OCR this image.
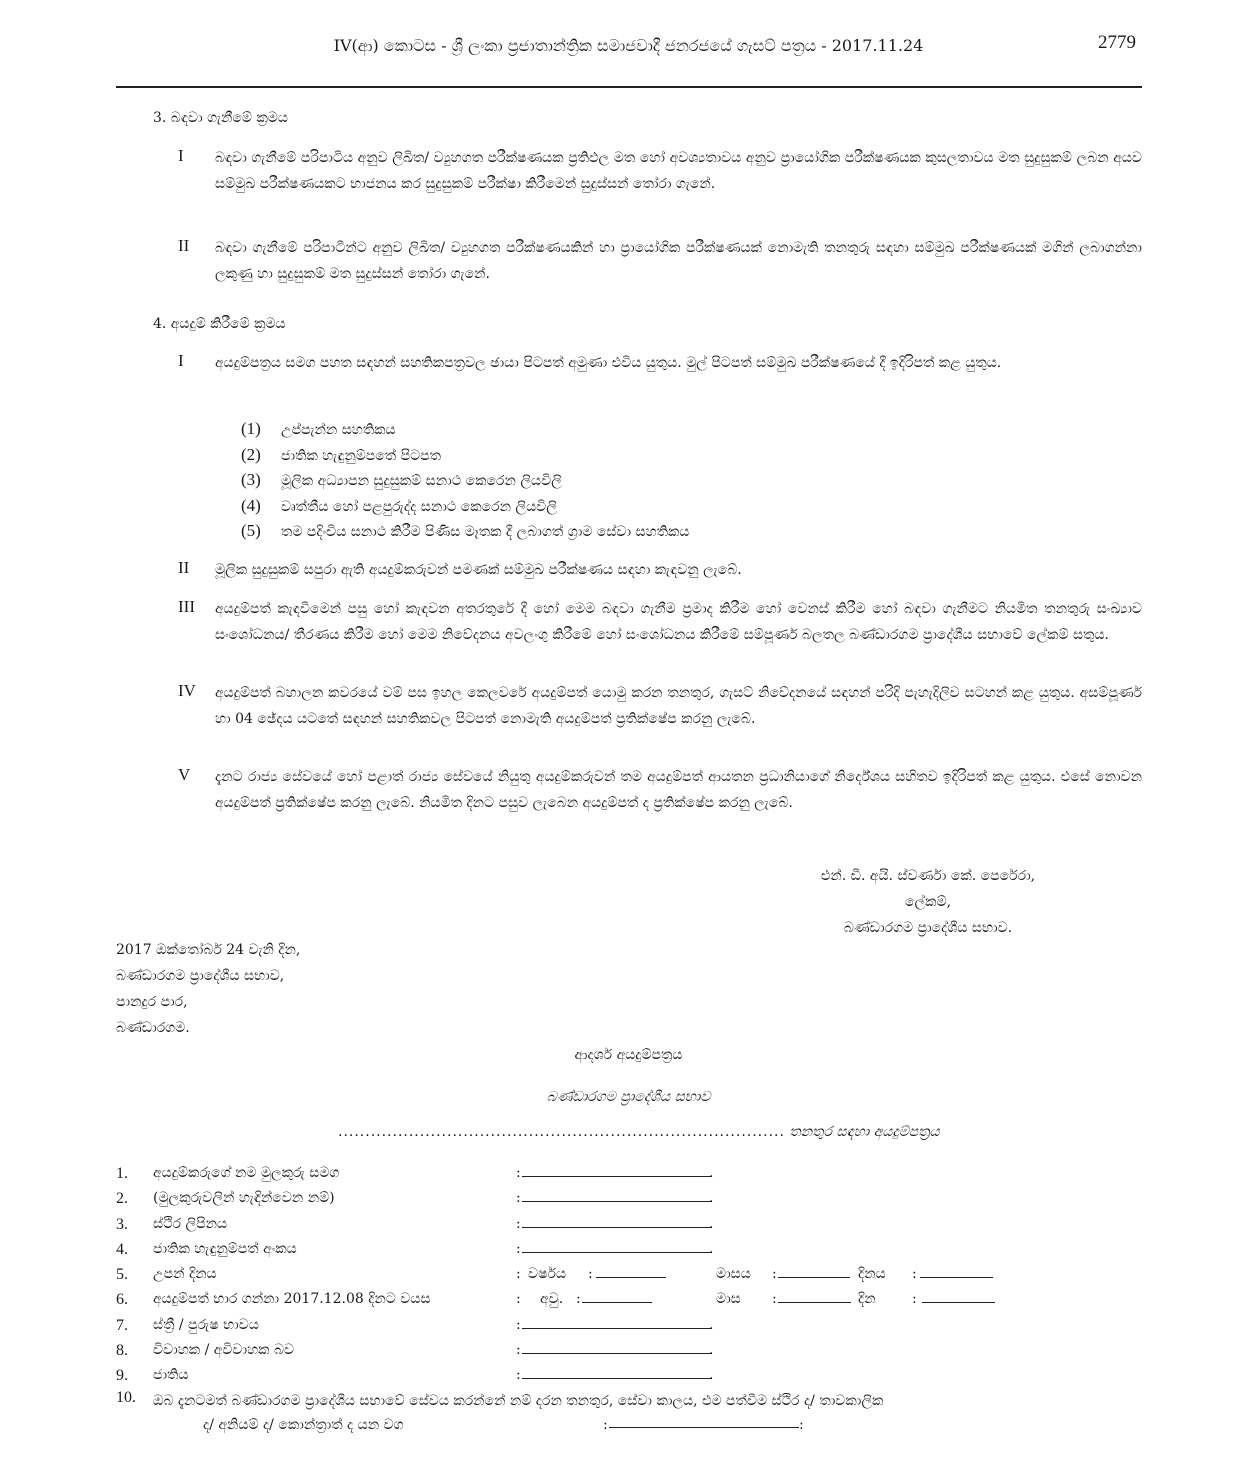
2779
IV(ආ) කොටස - ශ්‍රී ලංකා ප්‍රජාතාන්ත්‍රික සමාජවාදී ජනරජයේ ගැසට් පත්‍රය - 2017.11.24
3. බඳවා ගැනීමේ ක්‍රමය
I බඳවා ගැනීමේ පරිපාටිය අනුව ලිඛිත/ ව්‍යුහගත පරීක්ෂණයක ප්‍රතිඵල මත හෝ අවශ්‍යතාවය අනුව ප්‍රායෝගික පරීක්ෂණයක කුසලතාවය මත සුදුසුකම් ලබන අයව සම්මුඛ පරීක්ෂණයකට භාජනය කර සුදුසුකම් පරීක්ෂා කිරීමෙන් සුදුස්සන් තෝරා ගැනේ.
II බඳවා ගැනීමේ පරිපාටීන්ට අනුව ලිඛිත/ ව්‍යුහගත පරීක්ෂණයකින් හා ප්‍රායෝගික පරීක්ෂණයක් නොමැති තනතුරු සඳහා සම්මුඛ පරීක්ෂණයක් මගින් ලබාගන්නා ලකුණු හා සුදුසුකම් මත සුදුස්සන් තෝරා ගැනේ.
4. අයදුම් කිරීමේ ක්‍රමය
I අයදුම්පත්‍රය සමග පහත සඳහන් සහතිකපත්‍රවල ඡායා පිටපත් අමුණා එවිය යුතුය. මුල් පිටපත් සම්මුඛ පරීක්ෂණයේ දී ඉදිරිපත් කළ යුතුය.
(1) උප්පැන්න සහතිකය
(2) ජාතික හැඳුනුම්පතේ පිටපත
(3) මූලික අධ්‍යාපන සුදුසුකම් සනාථ කෙරෙන ලියවිලි
(4) වෘත්තීය හෝ පළපුරුද්ද සනාථ කෙරෙන ලියවිලි
(5) තම පදිංචිය සනාථ කිරීම පිණිස මෑතක දී ලබාගත් ග්‍රාම සේවා සහතිකය
II මූලික සුදුසුකම් සපුරා ඇති අයදුම්කරුවන් පමණක් සම්මුඛ පරීක්ෂණය සඳහා කැඳවනු ලැබේ.
III අයදුම්පත් කැඳවීමෙන් පසු හෝ කැඳවන අතරතුරේ දී හෝ මෙම බඳවා ගැනීම ප්‍රමාද කිරීම හෝ වෙනස් කිරීම හෝ බඳවා ගැනීමට නියමිත තනතුරු සංඛ්‍යාව සංශෝධනය/ තීරණය කිරීම හෝ මෙම නිවේදනය අවලංගු කිරීමේ හෝ සංශෝධනය කිරීමේ සම්පූර්ණ බලතල බණ්ඩාරගම ප්‍රාදේශීය සභාවේ ලේකම් සතුය.
IV අයදුම්පත් බහාලන කවරයේ වම් පස ඉහල කෙලවරේ අයදුම්පත් යොමු කරන තනතුර, ගැසට් නිවේදනයේ සඳහන් පරිදි පැහැදිලිව සටහන් කළ යුතුය. අසම්පූර්ණ හා 04 ඡේදය යටතේ සඳහන් සහතිකවල පිටපත් නොමැති අයදුම්පත් ප්‍රතික්ෂේප කරනු ලැබේ.
V දැනට රාජ්‍ය සේවයේ හෝ පළාත් රාජ්‍ය සේවයේ නියුතු අයදුම්කරුවන් තම අයදුම්පත් ආයතන ප්‍රධානියාගේ නිර්දේශය සහිතව ඉදිරිපත් කළ යුතුය. එසේ නොවන අයදුම්පත් ප්‍රතික්ෂේප කරනු ලැබේ. නියමිත දිනට පසුව ලැබෙන අයදුම්පත් ද ප්‍රතික්ෂේප කරනු ලැබේ.
එන්. ඩී. අයි. ස්වර්ණා කේ. පෙරේරා,
ලේකම්,
බණ්ඩාරගම ප්‍රාදේශීය සභාව.
2017 ඔක්තෝබර් 24 වැනි දින,
බණ්ඩාරගම ප්‍රාදේශීය සභාව,
පානදුර පාර,
බණ්ඩාරගම.
ආදර්ශ අයදුම්පත්‍රය
බණ්ඩාරගම ප්‍රාදේශීය සභාව
.................................................................................. තනතුර සඳහා අයදුම්පත්‍රය
1. අයදුම්කරුගේ නම මුලකුරු සමග	:	.
2. (මුලකුරුවලින් හැඳින්වෙන නම්)	:	.
3. ස්ථිර ලිපිනය	:	.
4. ජාතික හැඳුනුම්පත් අංකය	:	.
5. උපන් දිනය	: වර්ෂය :	මාසය :	දිනය :
6. අයදුම්පත් භාර ගන්නා 2017.12.08 දිනට වයස	: අවු. :	මාස :	දින	:
7. ස්ත්‍රී / පුරුෂ භාවය	:	.
8. විවාහක / අවිවාහක බව	:	.
9. ජාතිය	:	.
10. ඔබ දැනටමත් බණ්ඩාරගම ප්‍රාදේශීය සභාවේ සේවය කරන්නේ නම් දරන තනතුර, සේවා කාලය, එම පත්වීම ස්ථිර ද/ තාවකාලික
ද/ අනියම් ද/ කොන්ත්‍රාත් ද යන වග	:	:
